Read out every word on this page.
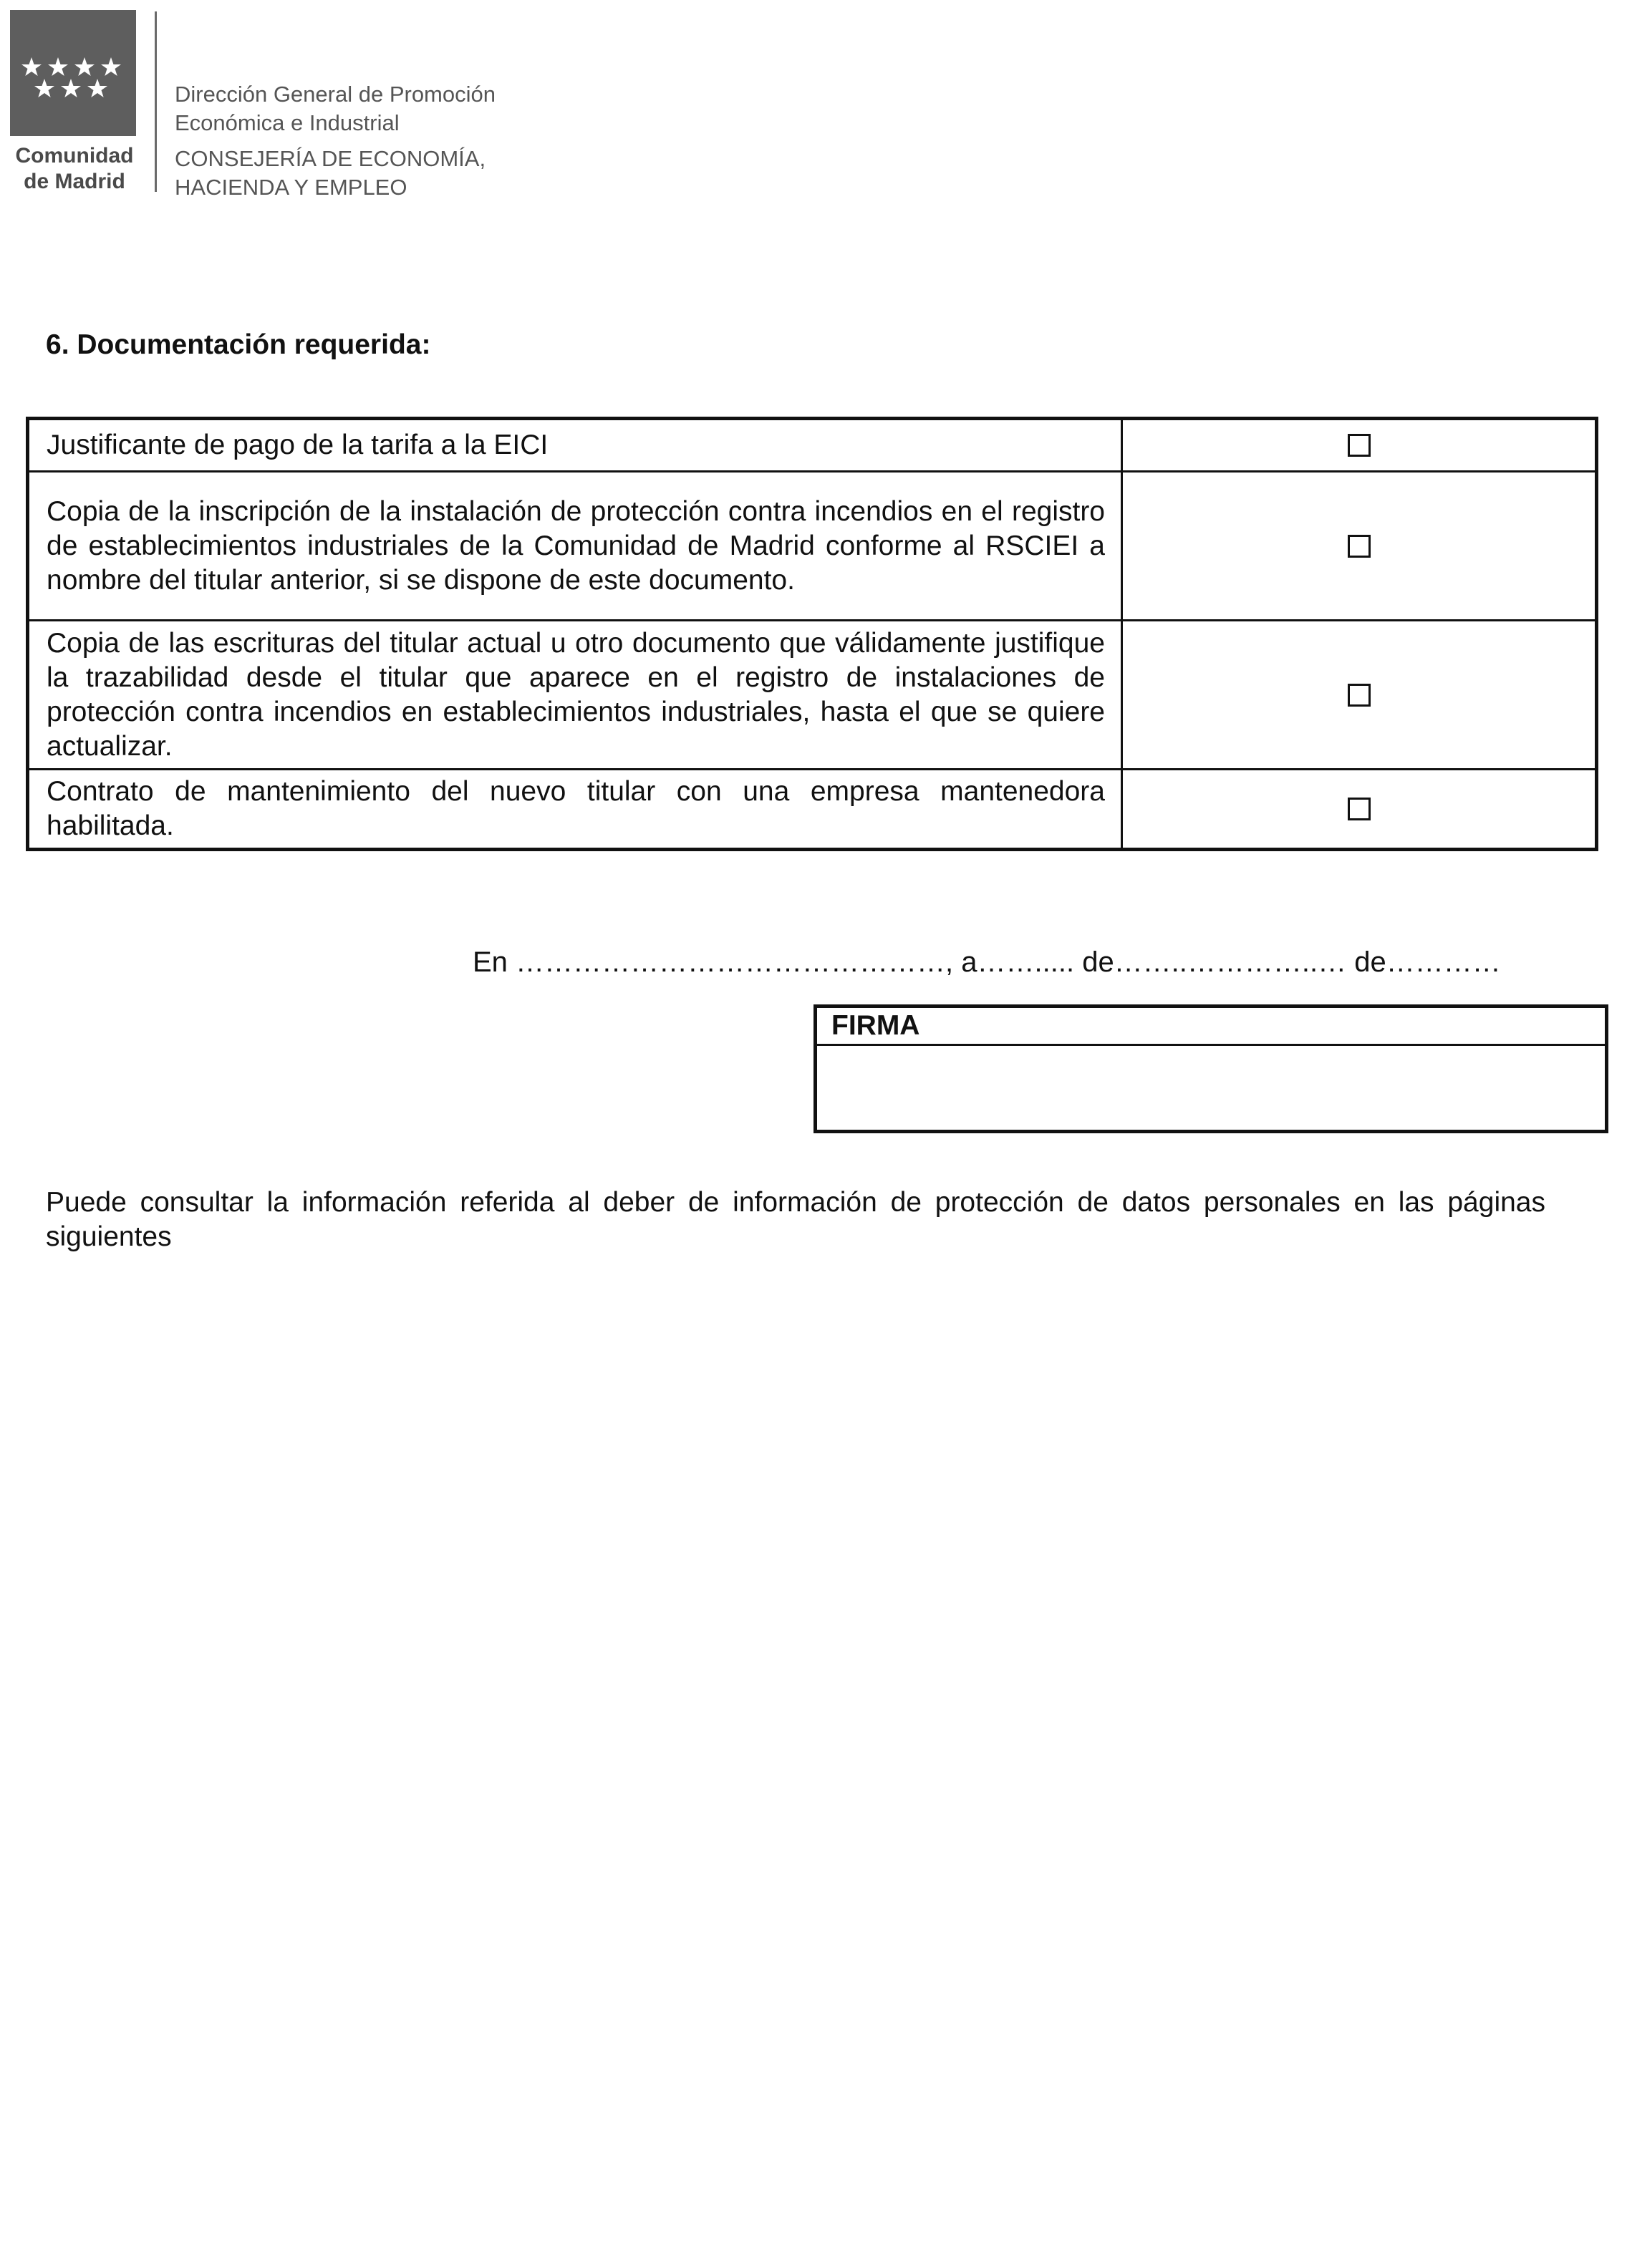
Comunidad
de Madrid
Dirección General de Promoción
Económica e Industrial
CONSEJERÍA DE ECONOMÍA,
HACIENDA Y EMPLEO
6. Documentación requerida:
Justificante de pago de la tarifa a la EICI	
Copia de la inscripción de la instalación de protección contra incendios en el registro de establecimientos industriales de la Comunidad de Madrid conforme al RSCIEI a nombre del titular anterior, si se dispone de este documento.	
Copia de las escrituras del titular actual u otro documento que válidamente justifique la trazabilidad desde el titular que aparece en el registro de instalaciones de protección contra incendios en establecimientos industriales, hasta el que se quiere actualizar.	
Contrato de mantenimiento del nuevo titular con una empresa mantenedora habilitada.	
En ………………………………………, a……..... de……..…………..… de…………
FIRMA
Puede consultar la información referida al deber de información de protección de datos personales en las páginas siguientes
